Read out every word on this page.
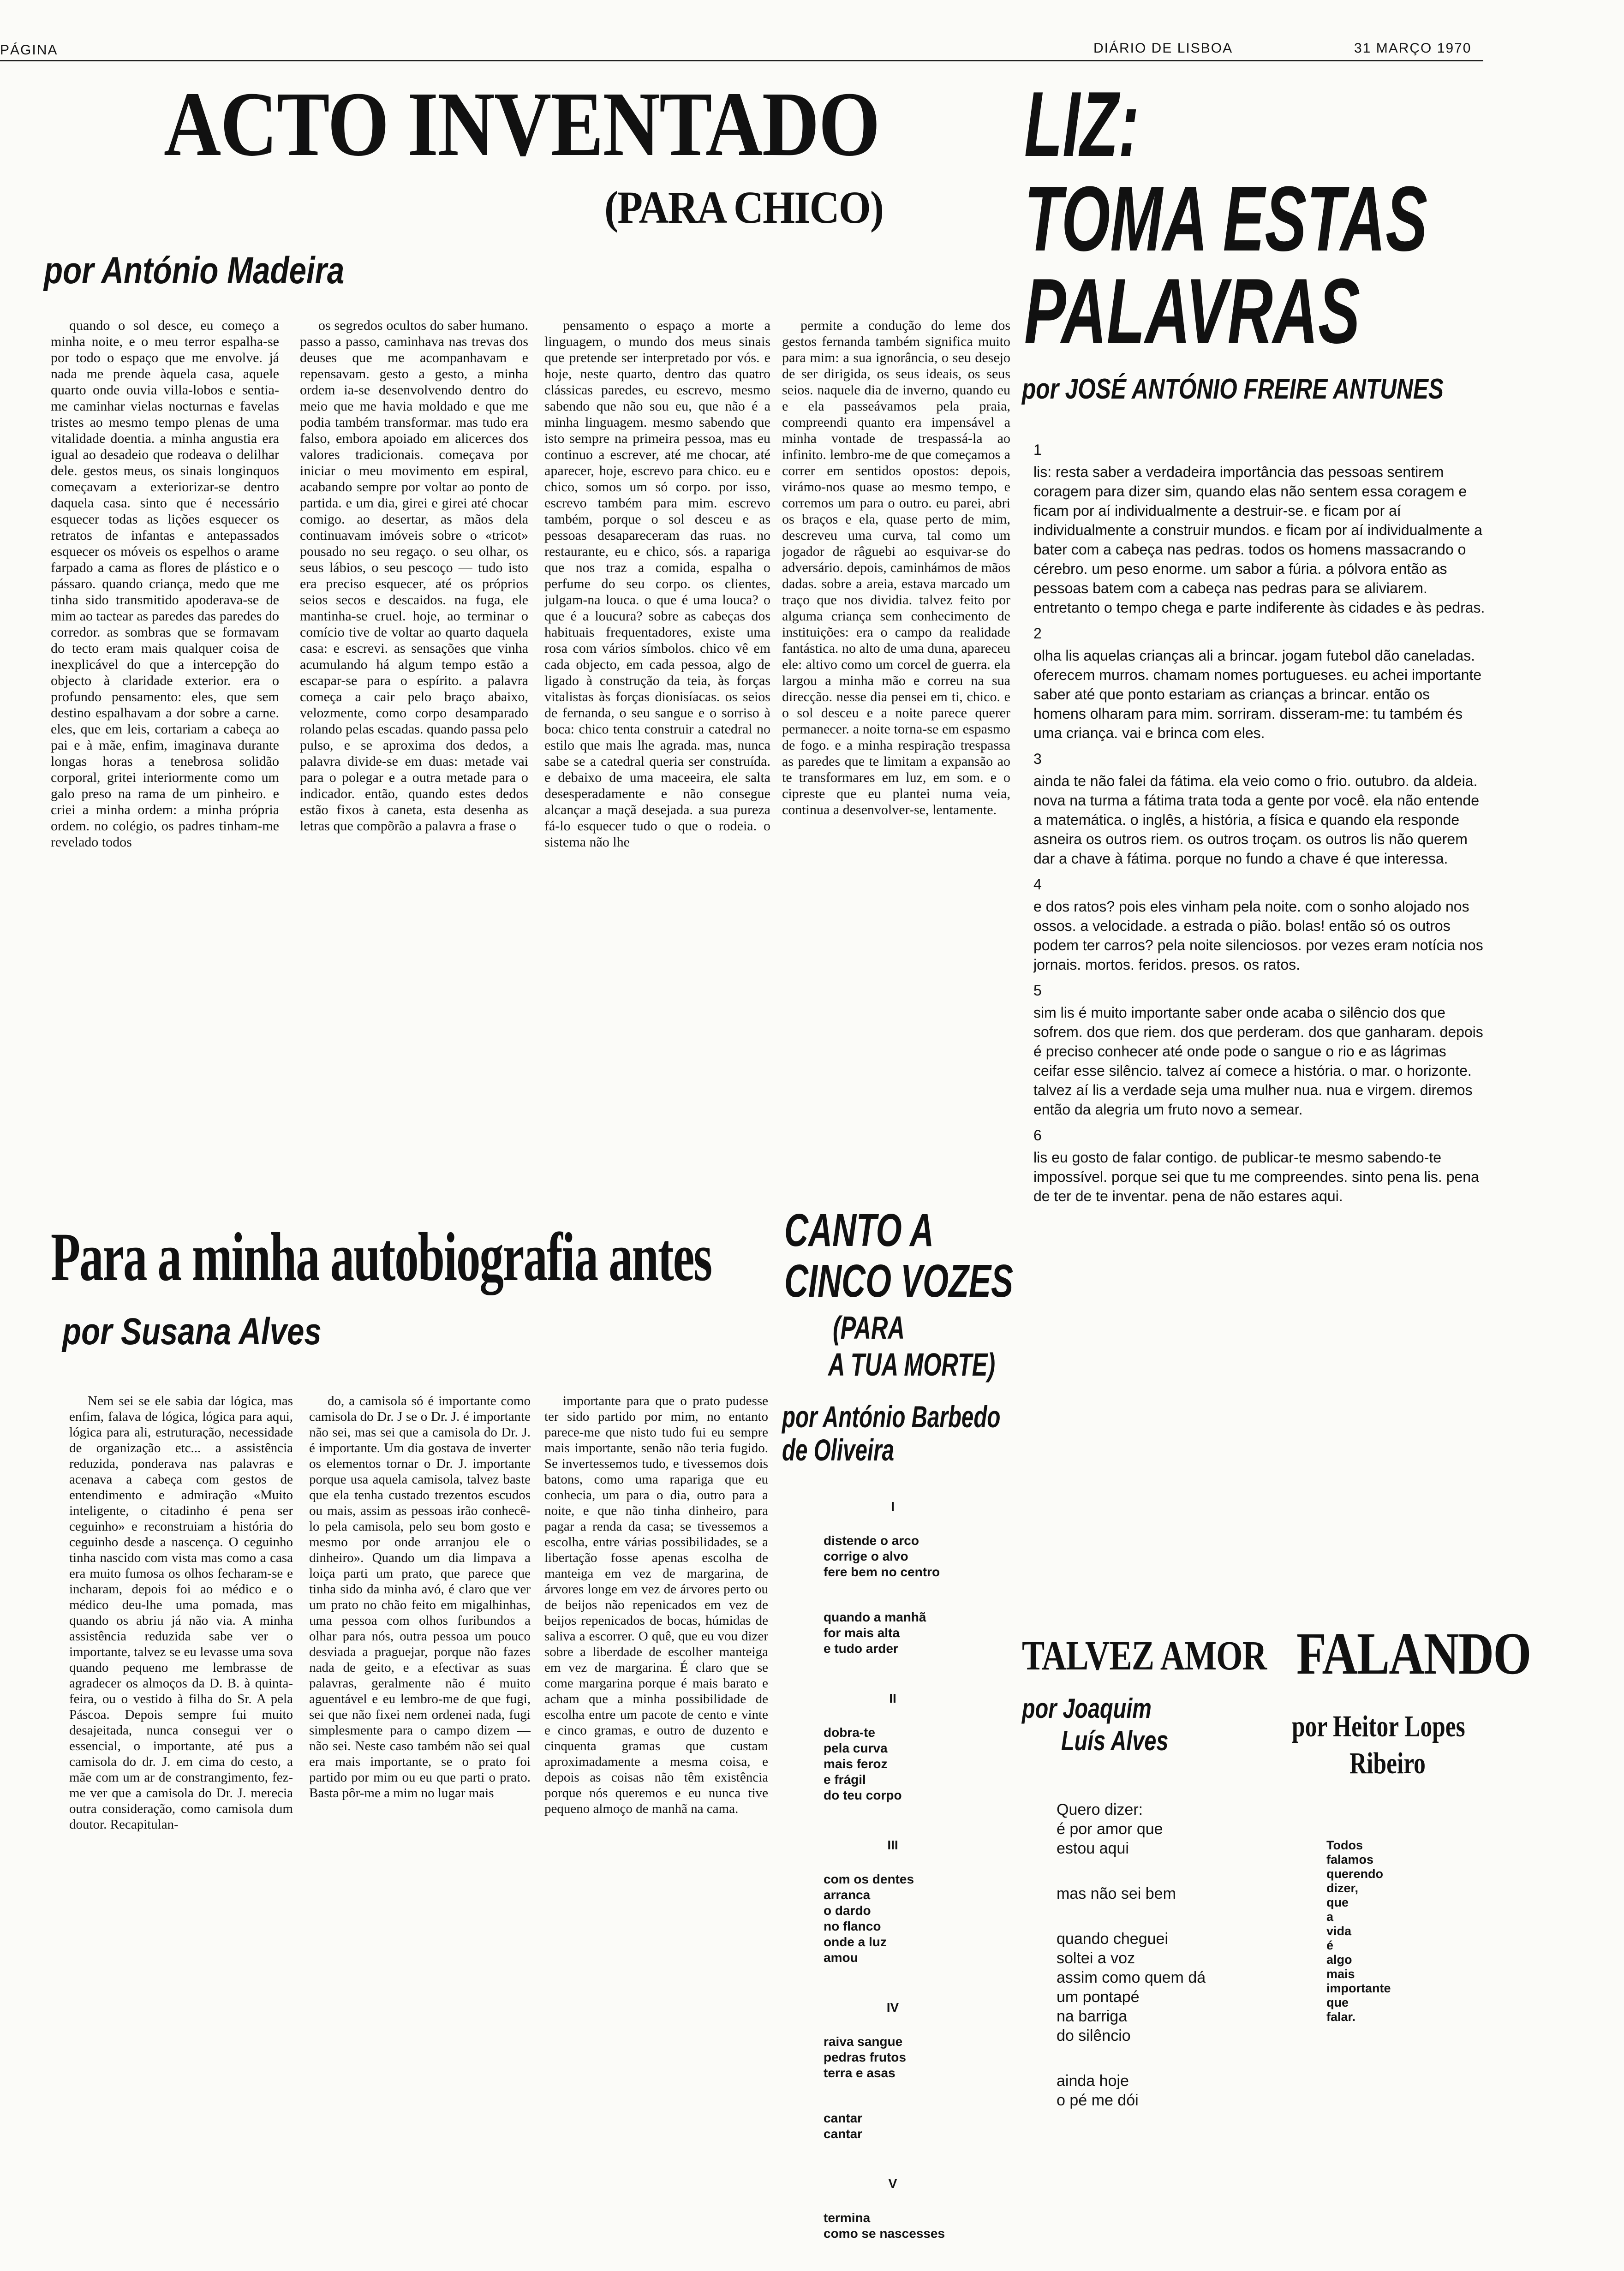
PÁGINA	DIÁRIO DE LISBOA	31 MARÇO 1970
ACTO INVENTADO
(PARA CHICO)
por António Madeira

quando o sol desce, eu começo a minha noite, e o meu terror espalha-se por todo o espaço que me envolve. já nada me prende àquela casa, aquele quarto onde ouvia villa-lobos e sentia-me caminhar vielas nocturnas e favelas tristes ao mesmo tempo plenas de uma vitalidade doentia. a minha angustia era igual ao desadeio que rodeava o delilhar dele. gestos meus, os sinais longinquos começavam a exteriorizar-se dentro daquela casa. sinto que é necessário esquecer todas as lições esquecer os retratos de infantas e antepassados esquecer os móveis os espelhos o arame farpado a cama as flores de plástico e o pássaro. quando criança, medo que me tinha sido transmitido apoderava-se de mim ao tactear as paredes das paredes do corredor. as sombras que se formavam do tecto eram mais qualquer coisa de inexplicável do que a intercepção do objecto à claridade exterior. era o profundo pensamento: eles, que sem destino espalhavam a dor sobre a carne. eles, que em leis, cortariam a cabeça ao pai e à mãe, enfim, imaginava durante longas horas a tenebrosa solidão corporal, gritei interiormente como um galo preso na rama de um pinheiro. e criei a minha ordem: a minha própria ordem. no colégio, os padres tinham-me revelado todos

os segredos ocultos do saber humano. passo a passo, caminhava nas trevas dos deuses que me acompanhavam e repensavam. gesto a gesto, a minha ordem ia-se desenvolvendo dentro do meio que me havia moldado e que me podia também transformar. mas tudo era falso, embora apoiado em alicerces dos valores tradicionais. começava por iniciar o meu movimento em espiral, acabando sempre por voltar ao ponto de partida. e um dia, girei e girei até chocar comigo. ao desertar, as mãos dela continuavam imóveis sobre o «tricot» pousado no seu regaço. o seu olhar, os seus lábios, o seu pescoço — tudo isto era preciso esquecer, até os próprios seios secos e descaidos. na fuga, ele mantinha-se cruel. hoje, ao terminar o comício tive de voltar ao quarto daquela casa: e escrevi. as sensações que vinha acumulando há algum tempo estão a escapar-se para o espírito. a palavra começa a cair pelo braço abaixo, velozmente, como corpo desamparado rolando pelas escadas. quando passa pelo pulso, e se aproxima dos dedos, a palavra divide-se em duas: metade vai para o polegar e a outra metade para o indicador. então, quando estes dedos estão fixos à caneta, esta desenha as letras que compõrão a palavra a frase o

pensamento o espaço a morte a linguagem, o mundo dos meus sinais que pretende ser interpretado por vós. e hoje, neste quarto, dentro das quatro clássicas paredes, eu escrevo, mesmo sabendo que não sou eu, que não é a minha linguagem. mesmo sabendo que isto sempre na primeira pessoa, mas eu continuo a escrever, até me chocar, até aparecer, hoje, escrevo para chico. eu e chico, somos um só corpo. por isso, escrevo também para mim. escrevo também, porque o sol desceu e as pessoas desapareceram das ruas. no restaurante, eu e chico, sós. a rapariga que nos traz a comida, espalha o perfume do seu corpo. os clientes, julgam-na louca. o que é uma louca? o que é a loucura? sobre as cabeças dos habituais frequentadores, existe uma rosa com vários símbolos. chico vê em cada objecto, em cada pessoa, algo de ligado à construção da teia, às forças vitalistas às forças dionisíacas. os seios de fernanda, o seu sangue e o sorriso à boca: chico tenta construir a catedral no estilo que mais lhe agrada. mas, nunca sabe se a catedral queria ser construída. e debaixo de uma maceeira, ele salta desesperadamente e não consegue alcançar a maçã desejada. a sua pureza fá-lo esquecer tudo o que o rodeia. o sistema não lhe

permite a condução do leme dos gestos fernanda também significa muito para mim: a sua ignorância, o seu desejo de ser dirigida, os seus ideais, os seus seios. naquele dia de inverno, quando eu e ela passeávamos pela praia, compreendi quanto era impensável a minha vontade de trespassá-la ao infinito. lembro-me de que começamos a correr em sentidos opostos: depois, virámo-nos quase ao mesmo tempo, e corremos um para o outro. eu parei, abri os braços e ela, quase perto de mim, descreveu uma curva, tal como um jogador de râguebi ao esquivar-se do adversário. depois, caminhámos de mãos dadas. sobre a areia, estava marcado um traço que nos dividia. talvez feito por alguma criança sem conhecimento de instituições: era o campo da realidade fantástica. no alto de uma duna, apareceu ele: altivo como um corcel de guerra. ela largou a minha mão e correu na sua direcção. nesse dia pensei em ti, chico. e o sol desceu e a noite parece querer permanecer. a noite torna-se em espasmo de fogo. e a minha respiração trespassa as paredes que te limitam a expansão ao te transformares em luz, em som. e o cipreste que eu plantei numa veia, continua a desenvolver-se, lentamente.

LIZ:
TOMA ESTAS
PALAVRAS
por JOSÉ ANTÓNIO FREIRE ANTUNES
1
lis: resta saber a verdadeira importância das pessoas sentirem coragem para dizer sim, quando elas não sentem essa coragem e ficam por aí individualmente a destruir-se. e ficam por aí individualmente a construir mundos. e ficam por aí individualmente a bater com a cabeça nas pedras. todos os homens massacrando o cérebro. um peso enorme. um sabor a fúria. a pólvora então as pessoas batem com a cabeça nas pedras para se aliviarem. entretanto o tempo chega e parte indiferente às cidades e às pedras.
2
olha lis aquelas crianças ali a brincar. jogam futebol dão caneladas. oferecem murros. chamam nomes portugueses. eu achei importante saber até que ponto estariam as crianças a brincar. então os homens olharam para mim. sorriram. disseram-me: tu também és uma criança. vai e brinca com eles.
3
ainda te não falei da fátima. ela veio como o frio. outubro. da aldeia. nova na turma a fátima trata toda a gente por você. ela não entende a matemática. o inglês, a história, a física e quando ela responde asneira os outros riem. os outros troçam. os outros lis não querem dar a chave à fátima. porque no fundo a chave é que interessa.
4
e dos ratos? pois eles vinham pela noite. com o sonho alojado nos ossos. a velocidade. a estrada o pião. bolas! então só os outros podem ter carros? pela noite silenciosos. por vezes eram notícia nos jornais. mortos. feridos. presos. os ratos.
5
sim lis é muito importante saber onde acaba o silêncio dos que sofrem. dos que riem. dos que perderam. dos que ganharam. depois é preciso conhecer até onde pode o sangue o rio e as lágrimas ceifar esse silêncio. talvez aí comece a história. o mar. o horizonte. talvez aí lis a verdade seja uma mulher nua. nua e virgem. diremos então da alegria um fruto novo a semear.
6
lis eu gosto de falar contigo. de publicar-te mesmo sabendo-te impossível. porque sei que tu me compreendes. sinto pena lis. pena de ter de te inventar. pena de não estares aqui.
Para a minha autobiografia antes
por Susana Alves

Nem sei se ele sabia dar lógica, mas enfim, falava de lógica, lógica para aqui, lógica para ali, estruturação, necessidade de organização etc... a assistência reduzida, ponderava nas palavras e acenava a cabeça com gestos de entendimento e admiração «Muito inteligente, o citadinho é pena ser ceguinho» e reconstruiam a história do ceguinho desde a nascença. O ceguinho tinha nascido com vista mas como a casa era muito fumosa os olhos fecharam-se e incharam, depois foi ao médico e o médico deu-lhe uma pomada, mas quando os abriu já não via. A minha assistência reduzida sabe ver o importante, talvez se eu levasse uma sova quando pequeno me lembrasse de agradecer os almoços da D. B. à quinta-feira, ou o vestido à filha do Sr. A pela Páscoa. Depois sempre fui muito desajeitada, nunca consegui ver o essencial, o importante, até pus a camisola do dr. J. em cima do cesto, a mãe com um ar de constrangimento, fez-me ver que a camisola do Dr. J. merecia outra consideração, como camisola dum doutor. Recapitulan-

do, a camisola só é importante como camisola do Dr. J se o Dr. J. é importante não sei, mas sei que a camisola do Dr. J. é importante. Um dia gostava de inverter os elementos tornar o Dr. J. importante porque usa aquela camisola, talvez baste que ela tenha custado trezentos escudos ou mais, assim as pessoas irão conhecê-lo pela camisola, pelo seu bom gosto e mesmo por onde arranjou ele o dinheiro». Quando um dia limpava a loiça parti um prato, que parece que tinha sido da minha avó, é claro que ver um prato no chão feito em migalhinhas, uma pessoa com olhos furibundos a olhar para nós, outra pessoa um pouco desviada a praguejar, porque não fazes nada de geito, e a efectivar as suas palavras, geralmente não é muito aguentável e eu lembro-me de que fugi, sei que não fixei nem ordenei nada, fugi simplesmente para o campo dizem — não sei. Neste caso também não sei qual era mais importante, se o prato foi partido por mim ou eu que parti o prato. Basta pôr-me a mim no lugar mais

importante para que o prato pudesse ter sido partido por mim, no entanto parece-me que nisto tudo fui eu sempre mais importante, senão não teria fugido. Se invertessemos tudo, e tivessemos dois batons, como uma rapariga que eu conhecia, um para o dia, outro para a noite, e que não tinha dinheiro, para pagar a renda da casa; se tivessemos a escolha, entre várias possibilidades, se a libertação fosse apenas escolha de manteiga em vez de margarina, de árvores longe em vez de árvores perto ou de beijos não repenicados em vez de beijos repenicados de bocas, húmidas de saliva a escorrer. O quê, que eu vou dizer sobre a liberdade de escolher manteiga em vez de margarina. É claro que se come margarina porque é mais barato e acham que a minha possibilidade de escolha entre um pacote de cento e vinte e cinco gramas, e outro de duzento e cinquenta gramas que custam aproximadamente a mesma coisa, e depois as coisas não têm existência porque nós queremos e eu nunca tive pequeno almoço de manhã na cama.

CANTO A
CINCO VOZES
(PARA
A TUA MORTE)
por António Barbedo
de Oliveira

I

distende o arco
corrige o alvo
fere bem no centro

quando a manhã
for mais alta
e tudo arder

II

dobra-te
pela curva
mais feroz
e frágil
do teu corpo

III

com os dentes
arranca
o dardo
no flanco
onde a luz
amou

IV

raiva sangue
pedras frutos
terra e asas

cantar
cantar

V

termina
como se nascesses

TALVEZ AMOR
por Joaquim
Luís Alves

Quero dizer:
é por amor que
estou aqui

mas não sei bem

quando cheguei
soltei a voz
assim como quem dá
um pontapé
na barriga
do silêncio

ainda hoje
o pé me dói

FALANDO
por Heitor Lopes
Ribeiro
Todos
falamos
querendo
dizer,
que
a
vida
é
algo
mais
importante
que
falar.
